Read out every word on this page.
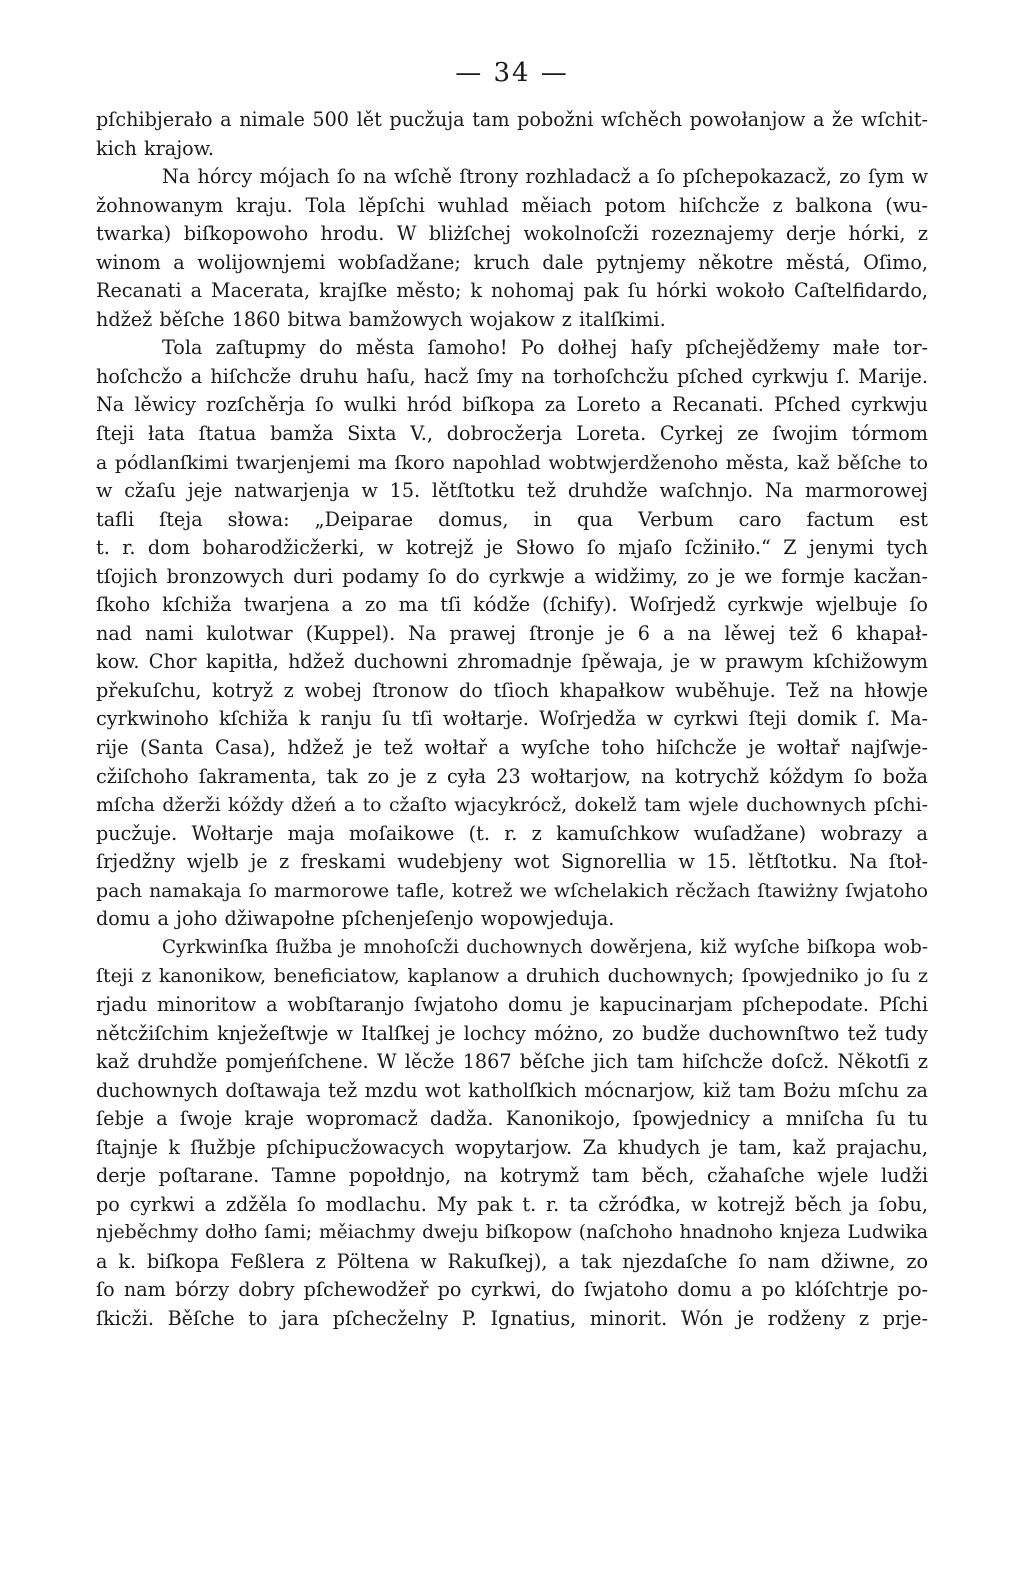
— 34 —
pſchibjerało a nimale 500 lět pucžuja tam pobožni wſchěch powołanjow a že wſchit-
kich krajow.
Na hórcy mójach ſo na wſchě ſtrony rozhladacž a ſo pſchepokazacž, zo ſym w
žohnowanym kraju. Tola lěpſchi wuhlad měiach potom hiſchcže z balkona (wu-
twarka) biſkopowoho hrodu. W bliżſchej wokolnoſcži rozeznajemy derje hórki, z
winom a wolijownjemi wobſadžane; kruch dale pytnjemy někotre městá, Oſimo,
Recanati a Macerata, krajſke město; k nohomaj pak ſu hórki wokoło Caſtelfidardo,
hdžež běſche 1860 bitwa bamžowych wojakow z italſkimi.
Tola zaſtupmy do města ſamoho! Po dołhej haſy pſchejědžemy małe tor-
hoſchcžo a hiſchcže druhu haſu, hacž ſmy na torhoſchcžu pſched cyrkwju ſ. Marije.
Na lěwicy rozſchěrja ſo wulki hród biſkopa za Loreto a Recanati. Pſched cyrkwju
ſteji łata ſtatua bamža Sixta V., dobrocžerja Loreta. Cyrkej ze ſwojim tórmom
a pódlanſkimi twarjenjemi ma ſkoro napohlad wobtwjerdženoho města, kaž běſche to
w cžaſu jeje natwarjenja w 15. lětſtotku tež druhdže waſchnjo. Na marmorowej
tafli ſteja słowa: „Deiparae domus, in qua Verbum caro factum est
t. r. dom boharodžicžerki, w kotrejž je Słowo ſo mjaſo ſcžiniło.“ Z jenymi tych
tſojich bronzowych duri podamy ſo do cyrkwje a widžimy, zo je we formje kacžan-
ſkoho kſchiža twarjena a zo ma tſi kódže (ſchify). Woſrjedž cyrkwje wjelbuje ſo
nad nami kulotwar (Kuppel). Na prawej ſtronje je 6 a na lěwej tež 6 khapał-
kow. Chor kapitła, hdžež duchowni zhromadnje ſpěwaja, je w prawym kſchižowym
překuſchu, kotryž z wobej ſtronow do tſioch khapałkow wuběhuje. Tež na hłowje
cyrkwinoho kſchiža k ranju ſu tſi wołtarje. Woſrjedža w cyrkwi ſteji domik ſ. Ma-
rije (Santa Casa), hdžež je tež wołtař a wyſche toho hiſchcže je wołtař najſwje-
cžiſchoho ſakramenta, tak zo je z cyła 23 wołtarjow, na kotrychž kóždym ſo boža
mſcha džerži kóždy džeń a to cžaſto wjacykrócž, dokelž tam wjele duchownych pſchi-
pucžuje. Wołtarje maja moſaikowe (t. r. z kamuſchkow wuſadžane) wobrazy a
ſrjedžny wjelb je z freskami wudebjeny wot Signorellia w 15. lětſtotku. Na ſtoł-
pach namakaja ſo marmorowe tafle, kotrež we wſchelakich rěcžach ſtawiżny ſwjatoho
domu a joho džiwapołne pſchenjeſenjo wopowjeduja.
Cyrkwinſka ſłužba je mnohoſcži duchownych dowěrjena, kiž wyſche biſkopa wob-
ſteji z kanonikow, beneficiatow, kaplanow a druhich duchownych; ſpowjedniko jo ſu z
rjadu minoritow a wobſtaranjo ſwjatoho domu je kapucinarjam pſchepodate. Pſchi
nětcžiſchim knježeſtwje w Italſkej je lochcy móżno, zo budže duchownſtwo tež tudy
kaž druhdže pomjeńſchene. W lěcže 1867 běſche jich tam hiſchcže doſcž. Někotſi z
duchownych doſtawaja tež mzdu wot katholſkich mócnarjow, kiž tam Bożu mſchu za
ſebje a ſwoje kraje wopromacž dadža. Kanonikojo, ſpowjednicy a mniſcha ſu tu
ſtajnje k ſłužbje pſchipucžowacych wopytarjow. Za khudych je tam, kaž prajachu,
derje poſtarane. Tamne popołdnjo, na kotrymž tam běch, cžahaſche wjele ludži
po cyrkwi a zdžěla ſo modlachu. My pak t. r. ta cžróđka, w kotrejž běch ja ſobu,
njeběchmy dołho ſami; měiachmy dweju biſkopow (naſchoho hnadnoho knjeza Ludwika
a k. biſkopa Feßlera z Pöltena w Rakuſkej), a tak njezdaſche ſo nam džiwne, zo
ſo nam bórzy dobry pſchewodžeř po cyrkwi, do ſwjatoho domu a po klóſchtrje po-
ſkicži. Běſche to jara pſchecželny P. Ignatius, minorit. Wón je rodženy z prje-
